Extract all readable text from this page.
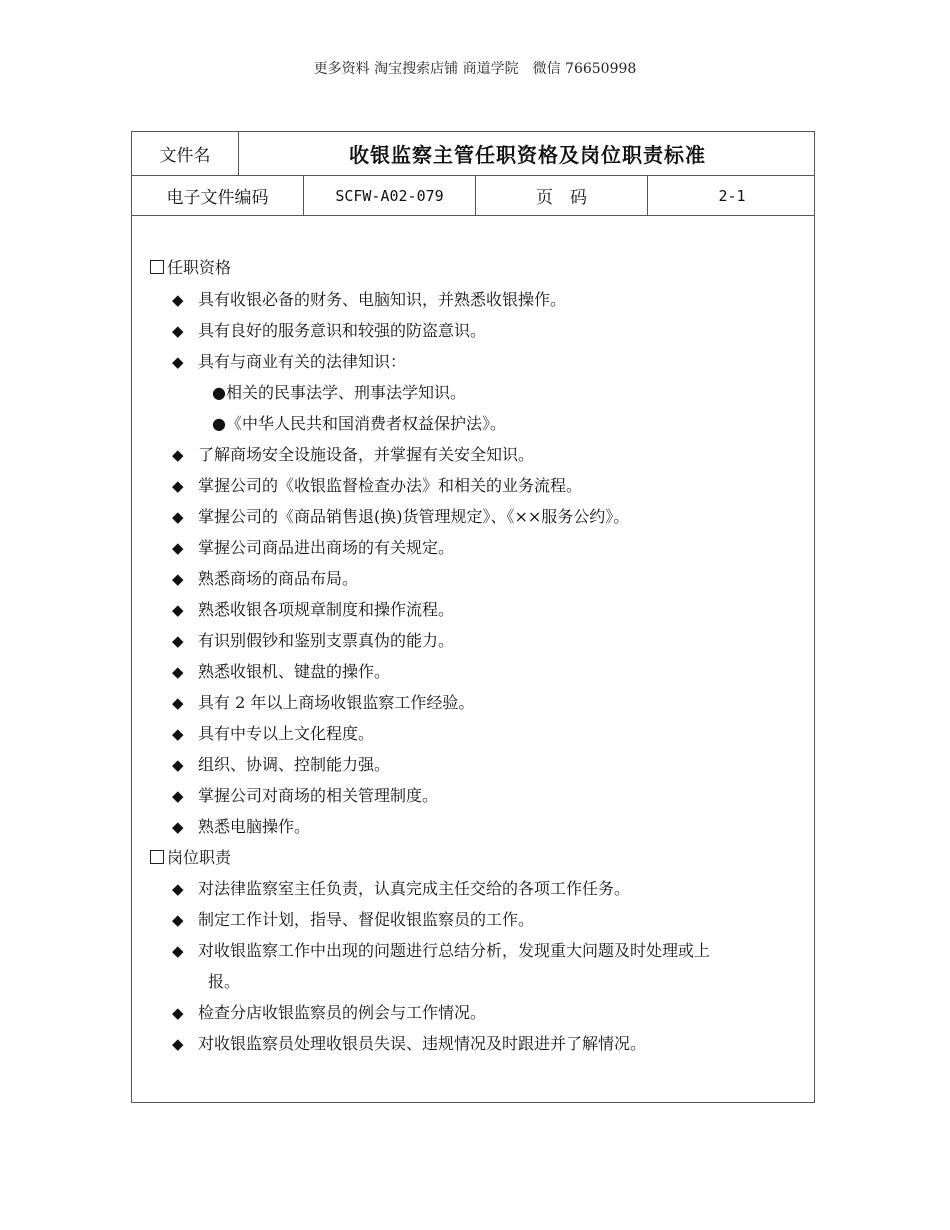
更多资料 淘宝搜索店铺 商道学院　微信 76650998
文件名	收银监察主管任职资格及岗位职责标准
电子文件编码	SCFW-A02-079	页　码	2-1
任职资格
◆ 具有收银必备的财务、电脑知识，并熟悉收银操作。
◆ 具有良好的服务意识和较强的防盗意识。
◆ 具有与商业有关的法律知识：
●相关的民事法学、刑事法学知识。
●《中华人民共和国消费者权益保护法》。
◆ 了解商场安全设施设备，并掌握有关安全知识。
◆ 掌握公司的《收银监督检查办法》和相关的业务流程。
◆ 掌握公司的《商品销售退(换)货管理规定》、《××服务公约》。
◆ 掌握公司商品进出商场的有关规定。
◆ 熟悉商场的商品布局。
◆ 熟悉收银各项规章制度和操作流程。
◆ 有识别假钞和鉴别支票真伪的能力。
◆ 熟悉收银机、键盘的操作。
◆ 具有 2 年以上商场收银监察工作经验。
◆ 具有中专以上文化程度。
◆ 组织、协调、控制能力强。
◆ 掌握公司对商场的相关管理制度。
◆ 熟悉电脑操作。
岗位职责
◆ 对法律监察室主任负责，认真完成主任交给的各项工作任务。
◆ 制定工作计划，指导、督促收银监察员的工作。
◆ 对收银监察工作中出现的问题进行总结分析，发现重大问题及时处理或上
报。
◆ 检查分店收银监察员的例会与工作情况。
◆ 对收银监察员处理收银员失误、违规情况及时跟进并了解情况。
